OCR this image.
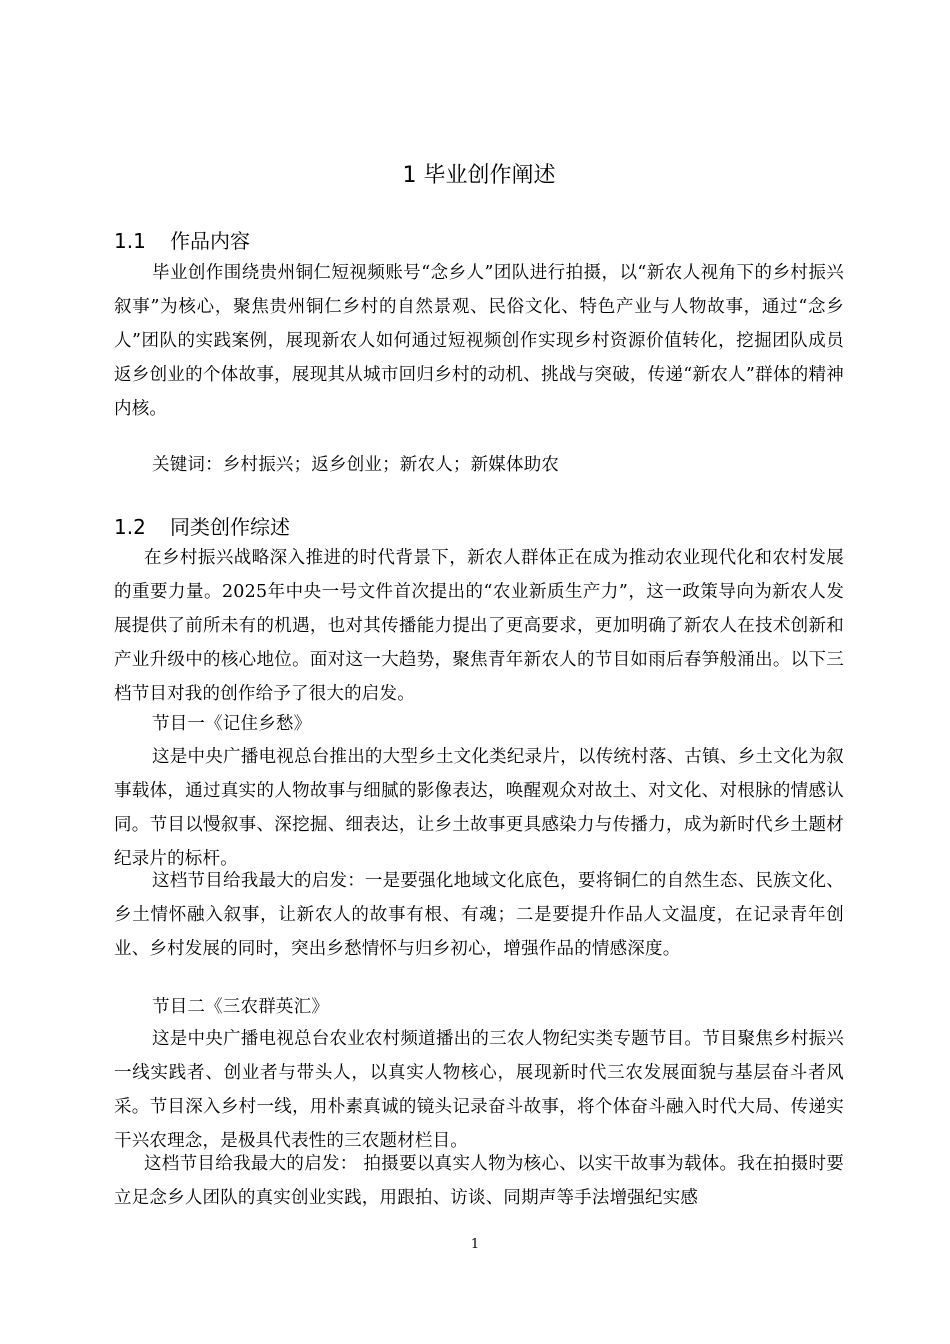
1 毕业创作阐述
1.1 作品内容

毕业创作围绕贵州铜仁短视频账号“念乡人”团队进行拍摄，以“新农人视角下的乡村振兴叙事”为核心，聚焦贵州铜仁乡村的自然景观、民俗文化、特色产业与人物故事，通过“念乡人”团队的实践案例，展现新农人如何通过短视频创作实现乡村资源价值转化，挖掘团队成员返乡创业的个体故事，展现其从城市回归乡村的动机、挑战与突破，传递“新农人”群体的精神内核。

关键词：乡村振兴；返乡创业；新农人；新媒体助农

1.2 同类创作综述

在乡村振兴战略深入推进的时代背景下，新农人群体正在成为推动农业现代化和农村发展的重要力量。2025年中央一号文件首次提出的“农业新质生产力”，这一政策导向为新农人发展提供了前所未有的机遇，也对其传播能力提出了更高要求，更加明确了新农人在技术创新和产业升级中的核心地位。面对这一大趋势，聚焦青年新农人的节目如雨后春笋般涌出。以下三档节目对我的创作给予了很大的启发。

节目一《记住乡愁》

这是中央广播电视总台推出的大型乡土文化类纪录片，以传统村落、古镇、乡土文化为叙事载体，通过真实的人物故事与细腻的影像表达，唤醒观众对故土、对文化、对根脉的情感认同。节目以慢叙事、深挖掘、细表达，让乡土故事更具感染力与传播力，成为新时代乡土题材纪录片的标杆。

这档节目给我最大的启发：一是要强化地域文化底色，要将铜仁的自然生态、民族文化、乡土情怀融入叙事，让新农人的故事有根、有魂；二是要提升作品人文温度，在记录青年创业、乡村发展的同时，突出乡愁情怀与归乡初心，增强作品的情感深度。

节目二《三农群英汇》

这是中央广播电视总台农业农村频道播出的三农人物纪实类专题节目。节目聚焦乡村振兴一线实践者、创业者与带头人，以真实人物核心，展现新时代三农发展面貌与基层奋斗者风采。节目深入乡村一线，用朴素真诚的镜头记录奋斗故事，将个体奋斗融入时代大局、传递实干兴农理念，是极具代表性的三农题材栏目。

这档节目给我最大的启发： 拍摄要以真实人物为核心、以实干故事为载体。我在拍摄时要立足念乡人团队的真实创业实践，用跟拍、访谈、同期声等手法增强纪实感

1
